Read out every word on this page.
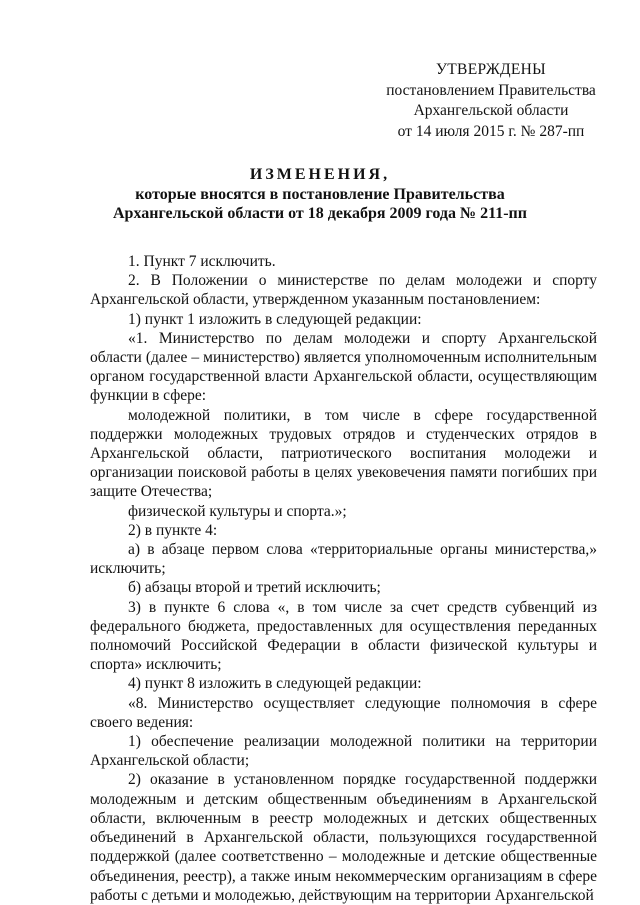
УТВЕРЖДЕНЫ
постановлением Правительства
Архангельской области
от 14 июля 2015 г. № 287-пп
ИЗМЕНЕНИЯ,
которые вносятся в постановление Правительства
Архангельской области от 18 декабря 2009 года № 211-пп

1. Пункт 7 исключить.

2. В Положении о министерстве по делам молодежи и спорту Архангельской области, утвержденном указанным постановлением:

1) пункт 1 изложить в следующей редакции:

«1. Министерство по делам молодежи и спорту Архангельской области (далее – министерство) является уполномоченным исполнительным органом государственной власти Архангельской области, осуществляющим функции в сфере:

молодежной политики, в том числе в сфере государственной поддержки молодежных трудовых отрядов и студенческих отрядов в Архангельской области, патриотического воспитания молодежи и организации поисковой работы в целях увековечения памяти погибших при защите Отечества;

физической культуры и спорта.»;

2) в пункте 4:

а) в абзаце первом слова «территориальные органы министерства,» исключить;

б) абзацы второй и третий исключить;

3) в пункте 6 слова «, в том числе за счет средств субвенций из федерального бюджета, предоставленных для осуществления переданных полномочий Российской Федерации в области физической культуры и спорта» исключить;

4) пункт 8 изложить в следующей редакции:

«8. Министерство осуществляет следующие полномочия в сфере своего ведения:

1) обеспечение реализации молодежной политики на территории Архангельской области;

2) оказание в установленном порядке государственной поддержки молодежным и детским общественным объединениям в Архангельской области, включенным в реестр молодежных и детских общественных объединений в Архангельской области, пользующихся государственной поддержкой (далее соответственно – молодежные и детские общественные объединения, реестр), а также иным некоммерческим организациям в сфере работы с детьми и молодежью, действующим на территории Архангельской
